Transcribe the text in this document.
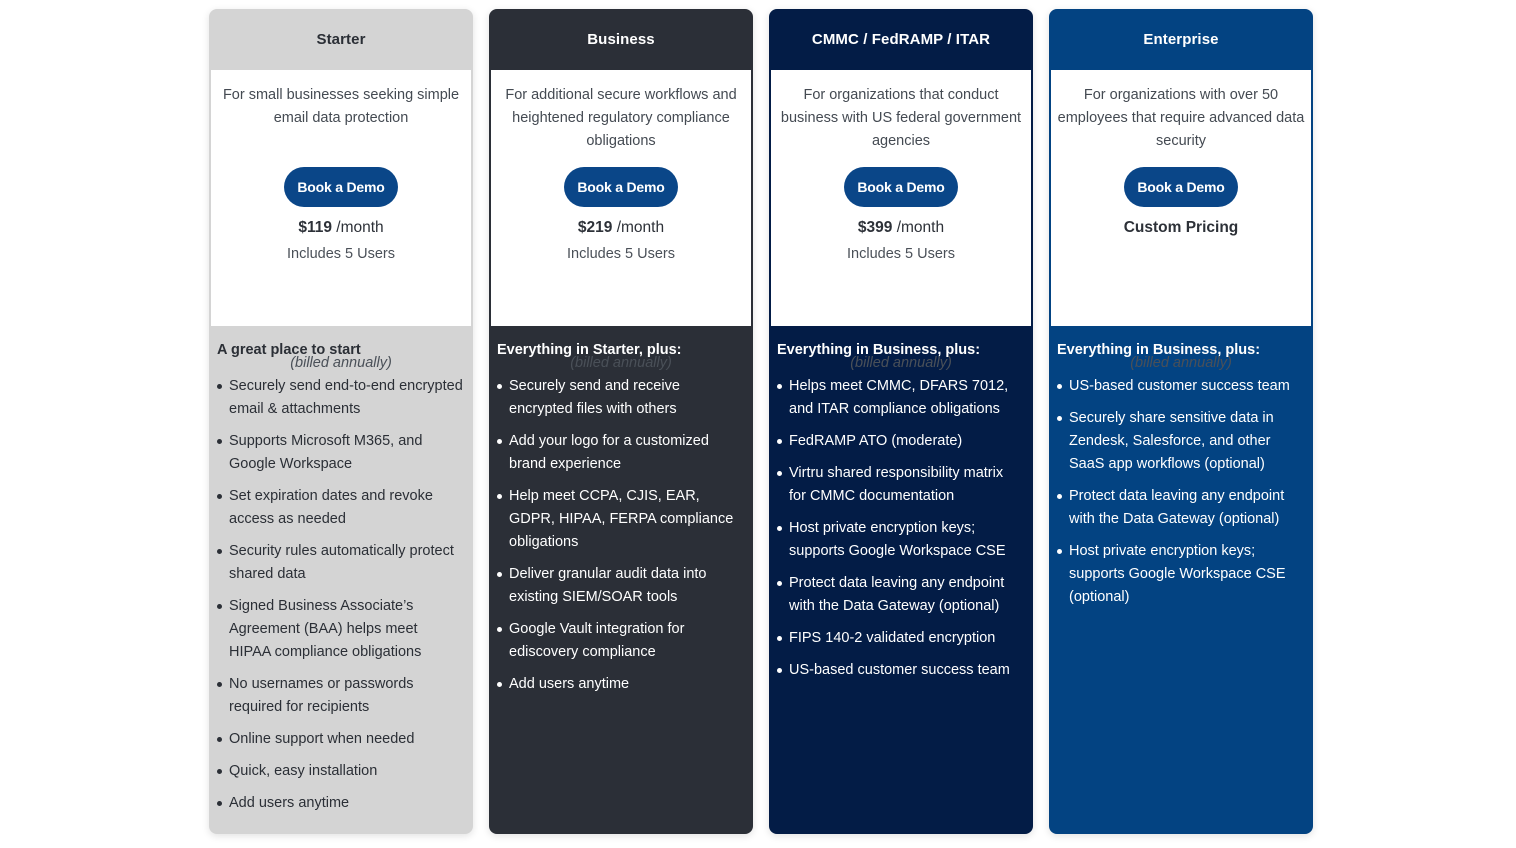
Starter
For small businesses seeking simple email data protection
Book a Demo
$119 /month
Includes 5 Users
(billed annually)
A great place to start
Securely send end-to-end encrypted email & attachments
Supports Microsoft M365, and Google Workspace
Set expiration dates and revoke access as needed
Security rules automatically protect shared data
Signed Business Associate’s Agreement (BAA) helps meet HIPAA compliance obligations
No usernames or passwords required for recipients
Online support when needed
Quick, easy installation
Add users anytime
Business
For additional secure workflows and heightened regulatory compliance obligations
Book a Demo
$219 /month
Includes 5 Users
(billed annually)
Everything in Starter, plus:
Securely send and receive encrypted files with others
Add your logo for a customized brand experience
Help meet CCPA, CJIS, EAR, GDPR, HIPAA, FERPA compliance obligations
Deliver granular audit data into existing SIEM/SOAR tools
Google Vault integration for ediscovery compliance
Add users anytime
CMMC / FedRAMP / ITAR
For organizations that conduct business with US federal government agencies
Book a Demo
$399 /month
Includes 5 Users
(billed annually)
Everything in Business, plus:
Helps meet CMMC, DFARS 7012, and ITAR compliance obligations
FedRAMP ATO (moderate)
Virtru shared responsibility matrix for CMMC documentation
Host private encryption keys; supports Google Workspace CSE
Protect data leaving any endpoint with the Data Gateway (optional)
FIPS 140-2 validated encryption
US-based customer success team
Enterprise
For organizations with over 50 employees that require advanced data security
Book a Demo
Custom Pricing
(billed annually)
Everything in Business, plus:
US-based customer success team
Securely share sensitive data in Zendesk, Salesforce, and other SaaS app workflows (optional)
Protect data leaving any endpoint with the Data Gateway (optional)
Host private encryption keys; supports Google Workspace CSE (optional)
